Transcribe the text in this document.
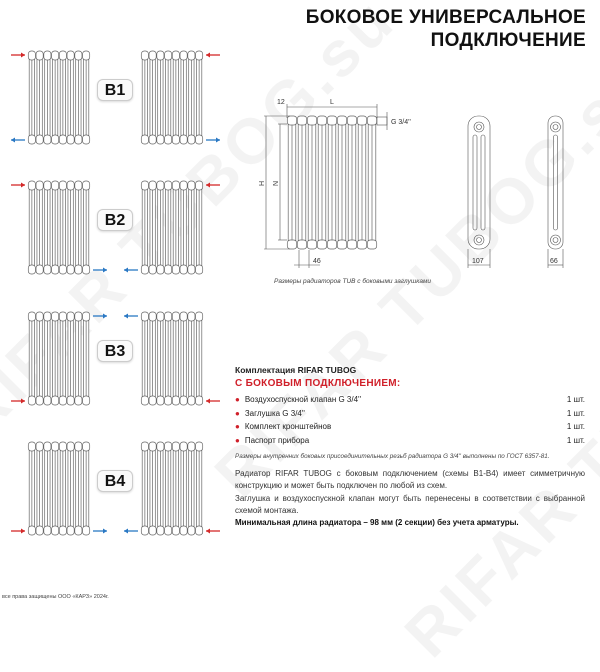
БОКОВОЕ УНИВЕРСАЛЬНОЕ
ПОДКЛЮЧЕНИЕ
B1
B2
B3
B4
L
12
H N
46
G 3/4''
107	66
Размеры радиаторов TUB с боковыми заглушками
Комплектация RIFAR TUBOG
С БОКОВЫМ ПОДКЛЮЧЕНИЕМ:
● Воздухоспускной клапан G 3/4''	1 шт.
● Заглушка G 3/4''	1 шт.
● Комплект кронштейнов	1 шт.
● Паспорт прибора	1 шт.
Размеры внутренних боковых присоединительных резьб радиатора G 3/4'' выполнены по ГОСТ 6357-81.
Радиатор RIFAR TUBOG с боковым подключением (схемы B1-B4) имеет симметричную конструкцию и может быть подключен по любой из схем.
Заглушка и воздухоспускной клапан могут быть перенесены в соответствии с выбранной схемой монтажа.
Минимальная длина радиатора – 98 мм (2 секции) без учета арматуры.
все права защищены ООО «КАРЗ» 2024г.
